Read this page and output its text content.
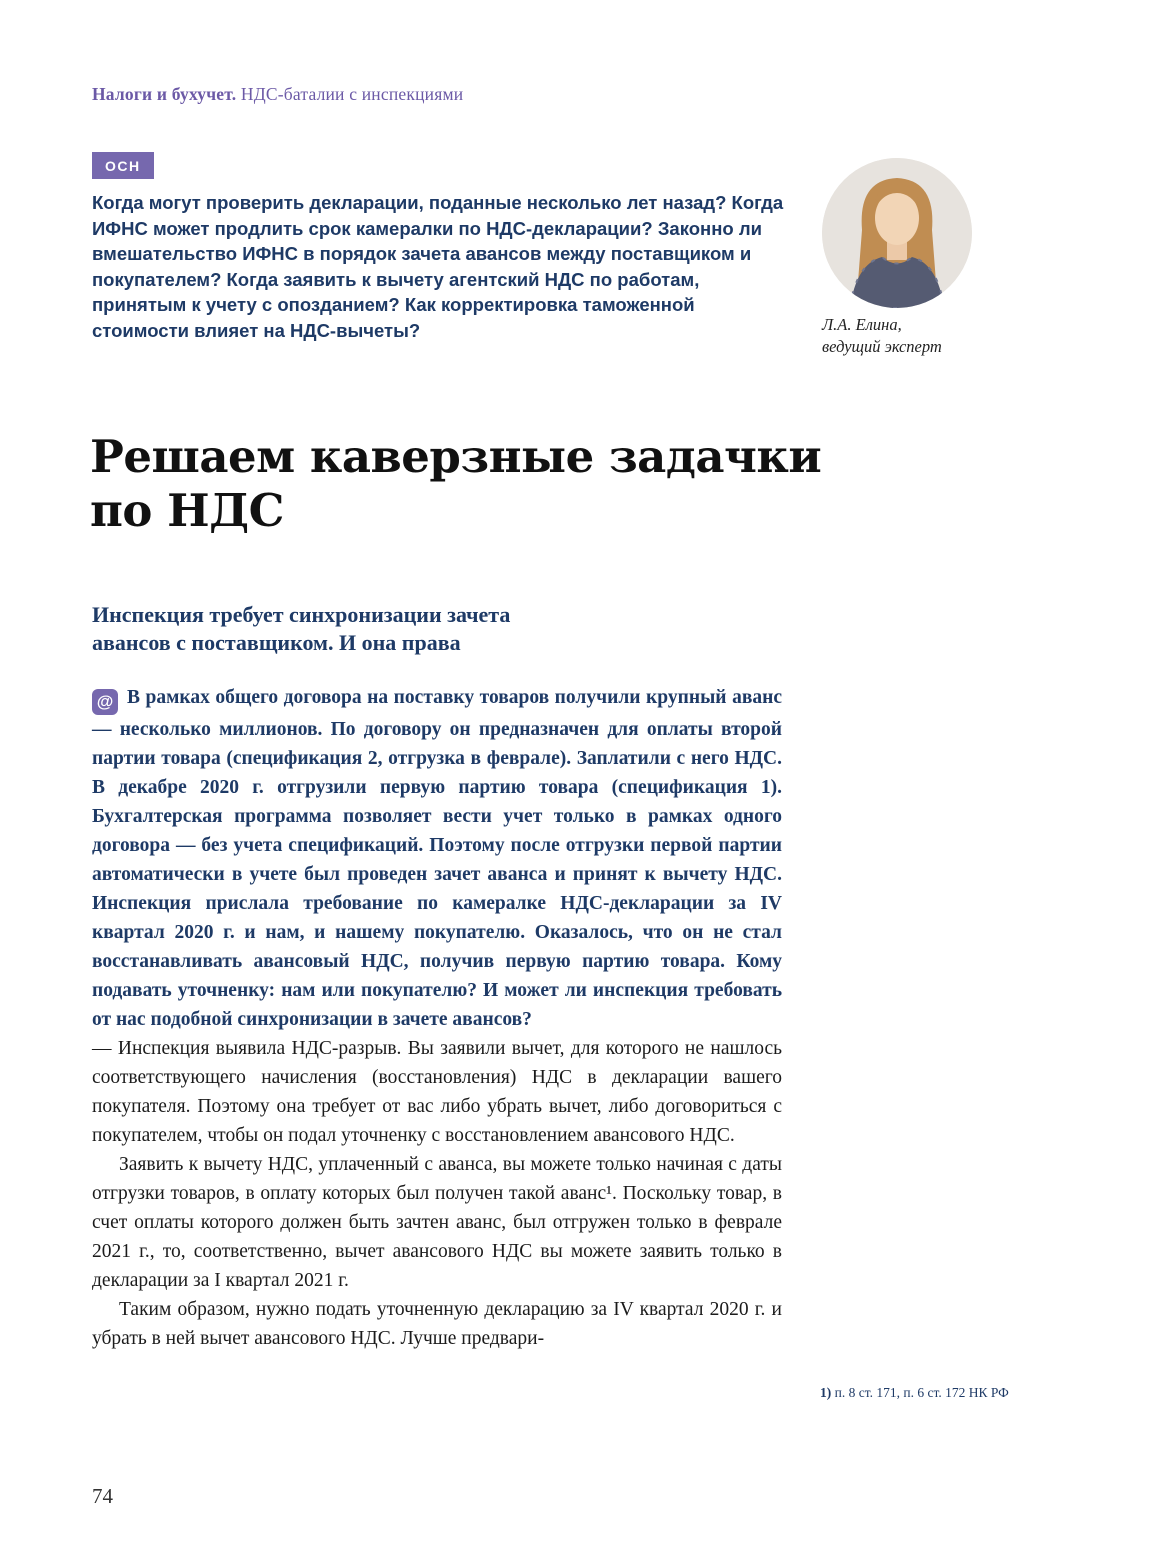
Налоги и бухучет. НДС-баталии с инспекциями
ОСН
Когда могут проверить декларации, поданные несколько лет назад? Когда ИФНС может продлить срок камералки по НДС-декларации? Законно ли вмешательство ИФНС в порядок зачета авансов между поставщиком и покупателем? Когда заявить к вычету агентский НДС по работам, принятым к учету с опозданием? Как корректировка таможенной стоимости влияет на НДС-вычеты?	Л.А. Елина,
ведущий эксперт
Решаем каверзные задачки
по НДС
Инспекция требует синхронизации зачета
авансов с поставщиком. И она права

@ В рамках общего договора на поставку товаров получили крупный аванс — несколько миллионов. По договору он предназначен для оплаты второй партии товара (спецификация 2, отгрузка в феврале). Заплатили с него НДС. В декабре 2020 г. отгрузили первую партию товара (спецификация 1). Бухгалтерская программа позволяет вести учет только в рамках одного договора — без учета спецификаций. Поэтому после отгрузки первой партии автоматически в учете был проведен зачет аванса и принят к вычету НДС. Инспекция прислала требование по камералке НДС-декларации за IV квартал 2020 г. и нам, и нашему покупателю. Оказалось, что он не стал восстанавливать авансовый НДС, получив первую партию товара. Кому подавать уточненку: нам или покупателю? И может ли инспекция требовать от нас подобной синхронизации в зачете авансов?

— Инспекция выявила НДС-разрыв. Вы заявили вычет, для которого не нашлось соответствующего начисления (восстановления) НДС в декларации вашего покупателя. Поэтому она требует от вас либо убрать вычет, либо договориться с покупателем, чтобы он подал уточненку с восстановлением авансового НДС.

Заявить к вычету НДС, уплаченный с аванса, вы можете только начиная с даты отгрузки товаров, в оплату которых был получен такой аванс¹. Поскольку товар, в счет оплаты которого должен быть зачтен аванс, был отгружен только в феврале 2021 г., то, соответственно, вычет авансового НДС вы можете заявить только в декларации за I квартал 2021 г.

Таким образом, нужно подать уточненную декларацию за IV квартал 2020 г. и убрать в ней вычет авансового НДС. Лучше предвари-

1) п. 8 ст. 171, п. 6 ст. 172 НК РФ
74
